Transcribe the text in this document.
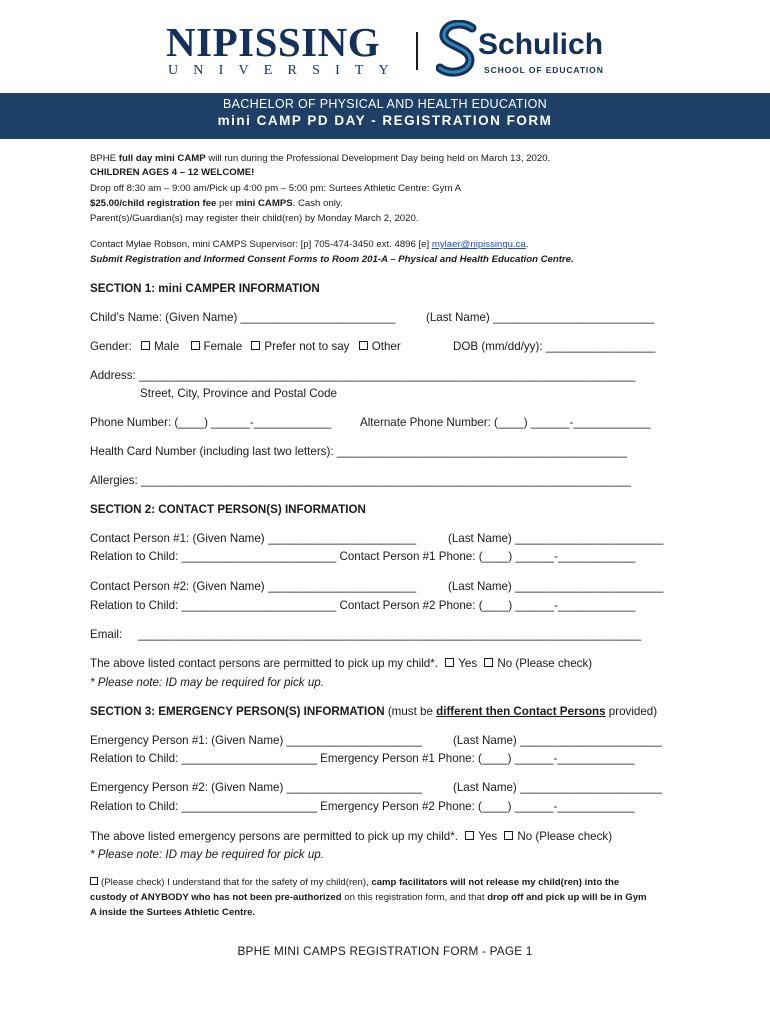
NIPISSING
UNIVERSITY
Schulich
SCHOOL OF EDUCATION
BACHELOR OF PHYSICAL AND HEALTH EDUCATION
mini CAMP PD DAY - REGISTRATION FORM
BPHE full day mini CAMP will run during the Professional Development Day being held on March 13, 2020.
CHILDREN AGES 4 – 12 WELCOME!
Drop off 8:30 am – 9:00 am/Pick up 4:00 pm – 5:00 pm: Surtees Athletic Centre: Gym A
$25.00/child registration fee per mini CAMPS. Cash only.
Parent(s)/Guardian(s) may register their child(ren) by Monday March 2, 2020.
Contact Mylae Robson, mini CAMPS Supervisor: [p] 705-474-3450 ext. 4896 [e] mylaer@nipissingu.ca.
Submit Registration and Informed Consent Forms to Room 201-A – Physical and Health Education Centre.
SECTION 1: mini CAMPER INFORMATION
Child’s Name: (Given Name) ________________________	(Last Name) _________________________
Gender: Male Female Prefer not to say Other	DOB (mm/dd/yy): _________________
Address: _____________________________________________________________________________
Street, City, Province and Postal Code
Phone Number: (____) ______-____________ Alternate Phone Number: (____) ______-____________
Health Card Number (including last two letters): _____________________________________________
Allergies: ____________________________________________________________________________
SECTION 2: CONTACT PERSON(S) INFORMATION
Contact Person #1: (Given Name) _______________________	(Last Name) _______________________
Relation to Child: ________________________ Contact Person #1 Phone: (____) ______-____________
Contact Person #2: (Given Name) _______________________	(Last Name) _______________________
Relation to Child: ________________________ Contact Person #2 Phone: (____) ______-____________
Email: ______________________________________________________________________________
The above listed contact persons are permitted to pick up my child*. Yes No (Please check)
* Please note: ID may be required for pick up.
SECTION 3: EMERGENCY PERSON(S) INFORMATION (must be different then Contact Persons provided)
Emergency Person #1: (Given Name) _____________________	(Last Name) ______________________
Relation to Child: _____________________ Emergency Person #1 Phone: (____) ______-____________
Emergency Person #2: (Given Name) _____________________	(Last Name) ______________________
Relation to Child: _____________________ Emergency Person #2 Phone: (____) ______-____________
The above listed emergency persons are permitted to pick up my child*. Yes No (Please check)
* Please note: ID may be required for pick up.
(Please check) I understand that for the safety of my child(ren), camp facilitators will not release my child(ren) into the
custody of ANYBODY who has not been pre-authorized on this registration form, and that drop off and pick up will be in Gym
A inside the Surtees Athletic Centre.
BPHE MINI CAMPS REGISTRATION FORM - PAGE 1
